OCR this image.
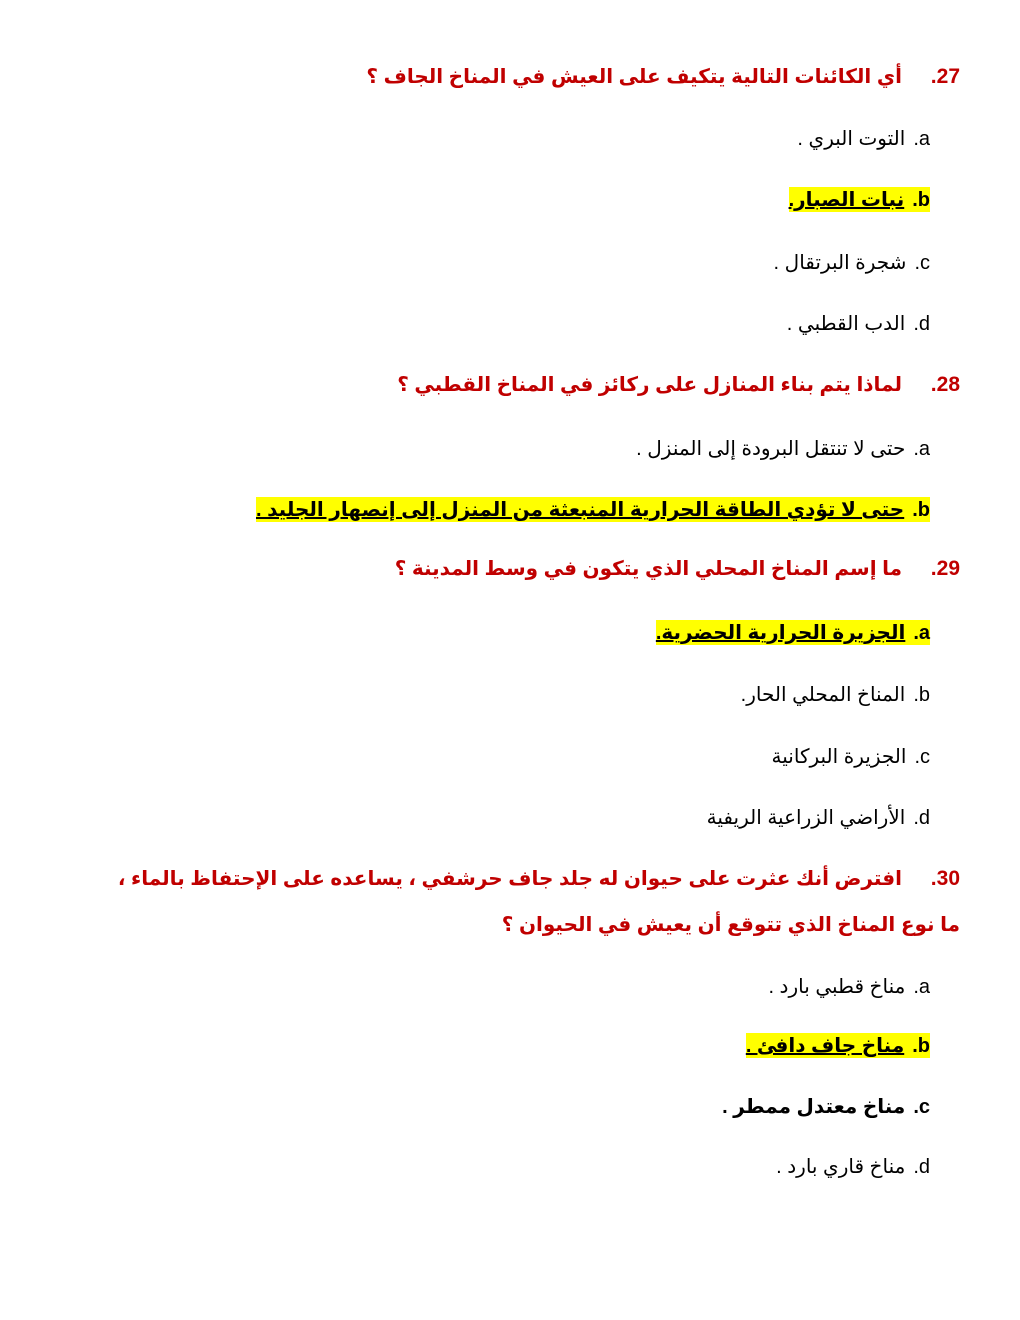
27.أي الكائنات التالية يتكيف على العيش في المناخ الجاف ؟
a.التوت البري .
b.نبات الصبار.
c.شجرة البرتقال .
d.الدب القطبي .
28.لماذا يتم بناء المنازل على ركائز في المناخ القطبي ؟
a.حتى لا تنتقل البرودة إلى المنزل .
b.حتى لا تؤدي الطاقة الحرارية المنبعثة من المنزل إلى إنصهار الجليد .
29.ما إسم المناخ المحلي الذي يتكون في وسط المدينة ؟
a.الجزيرة الحرارية الحضرية.
b.المناخ المحلي الحار.
c.الجزيرة البركانية
d.الأراضي الزراعية الريفية
30.افترض أنك عثرت على حيوان له جلد جاف حرشفي ، يساعده على الإحتفاظ بالماء ، ما نوع المناخ الذي تتوقع أن يعيش في الحيوان ؟
a.مناخ قطبي بارد .
b.مناخ جاف دافئ .
c.مناخ معتدل ممطر .
d.مناخ قاري بارد .
